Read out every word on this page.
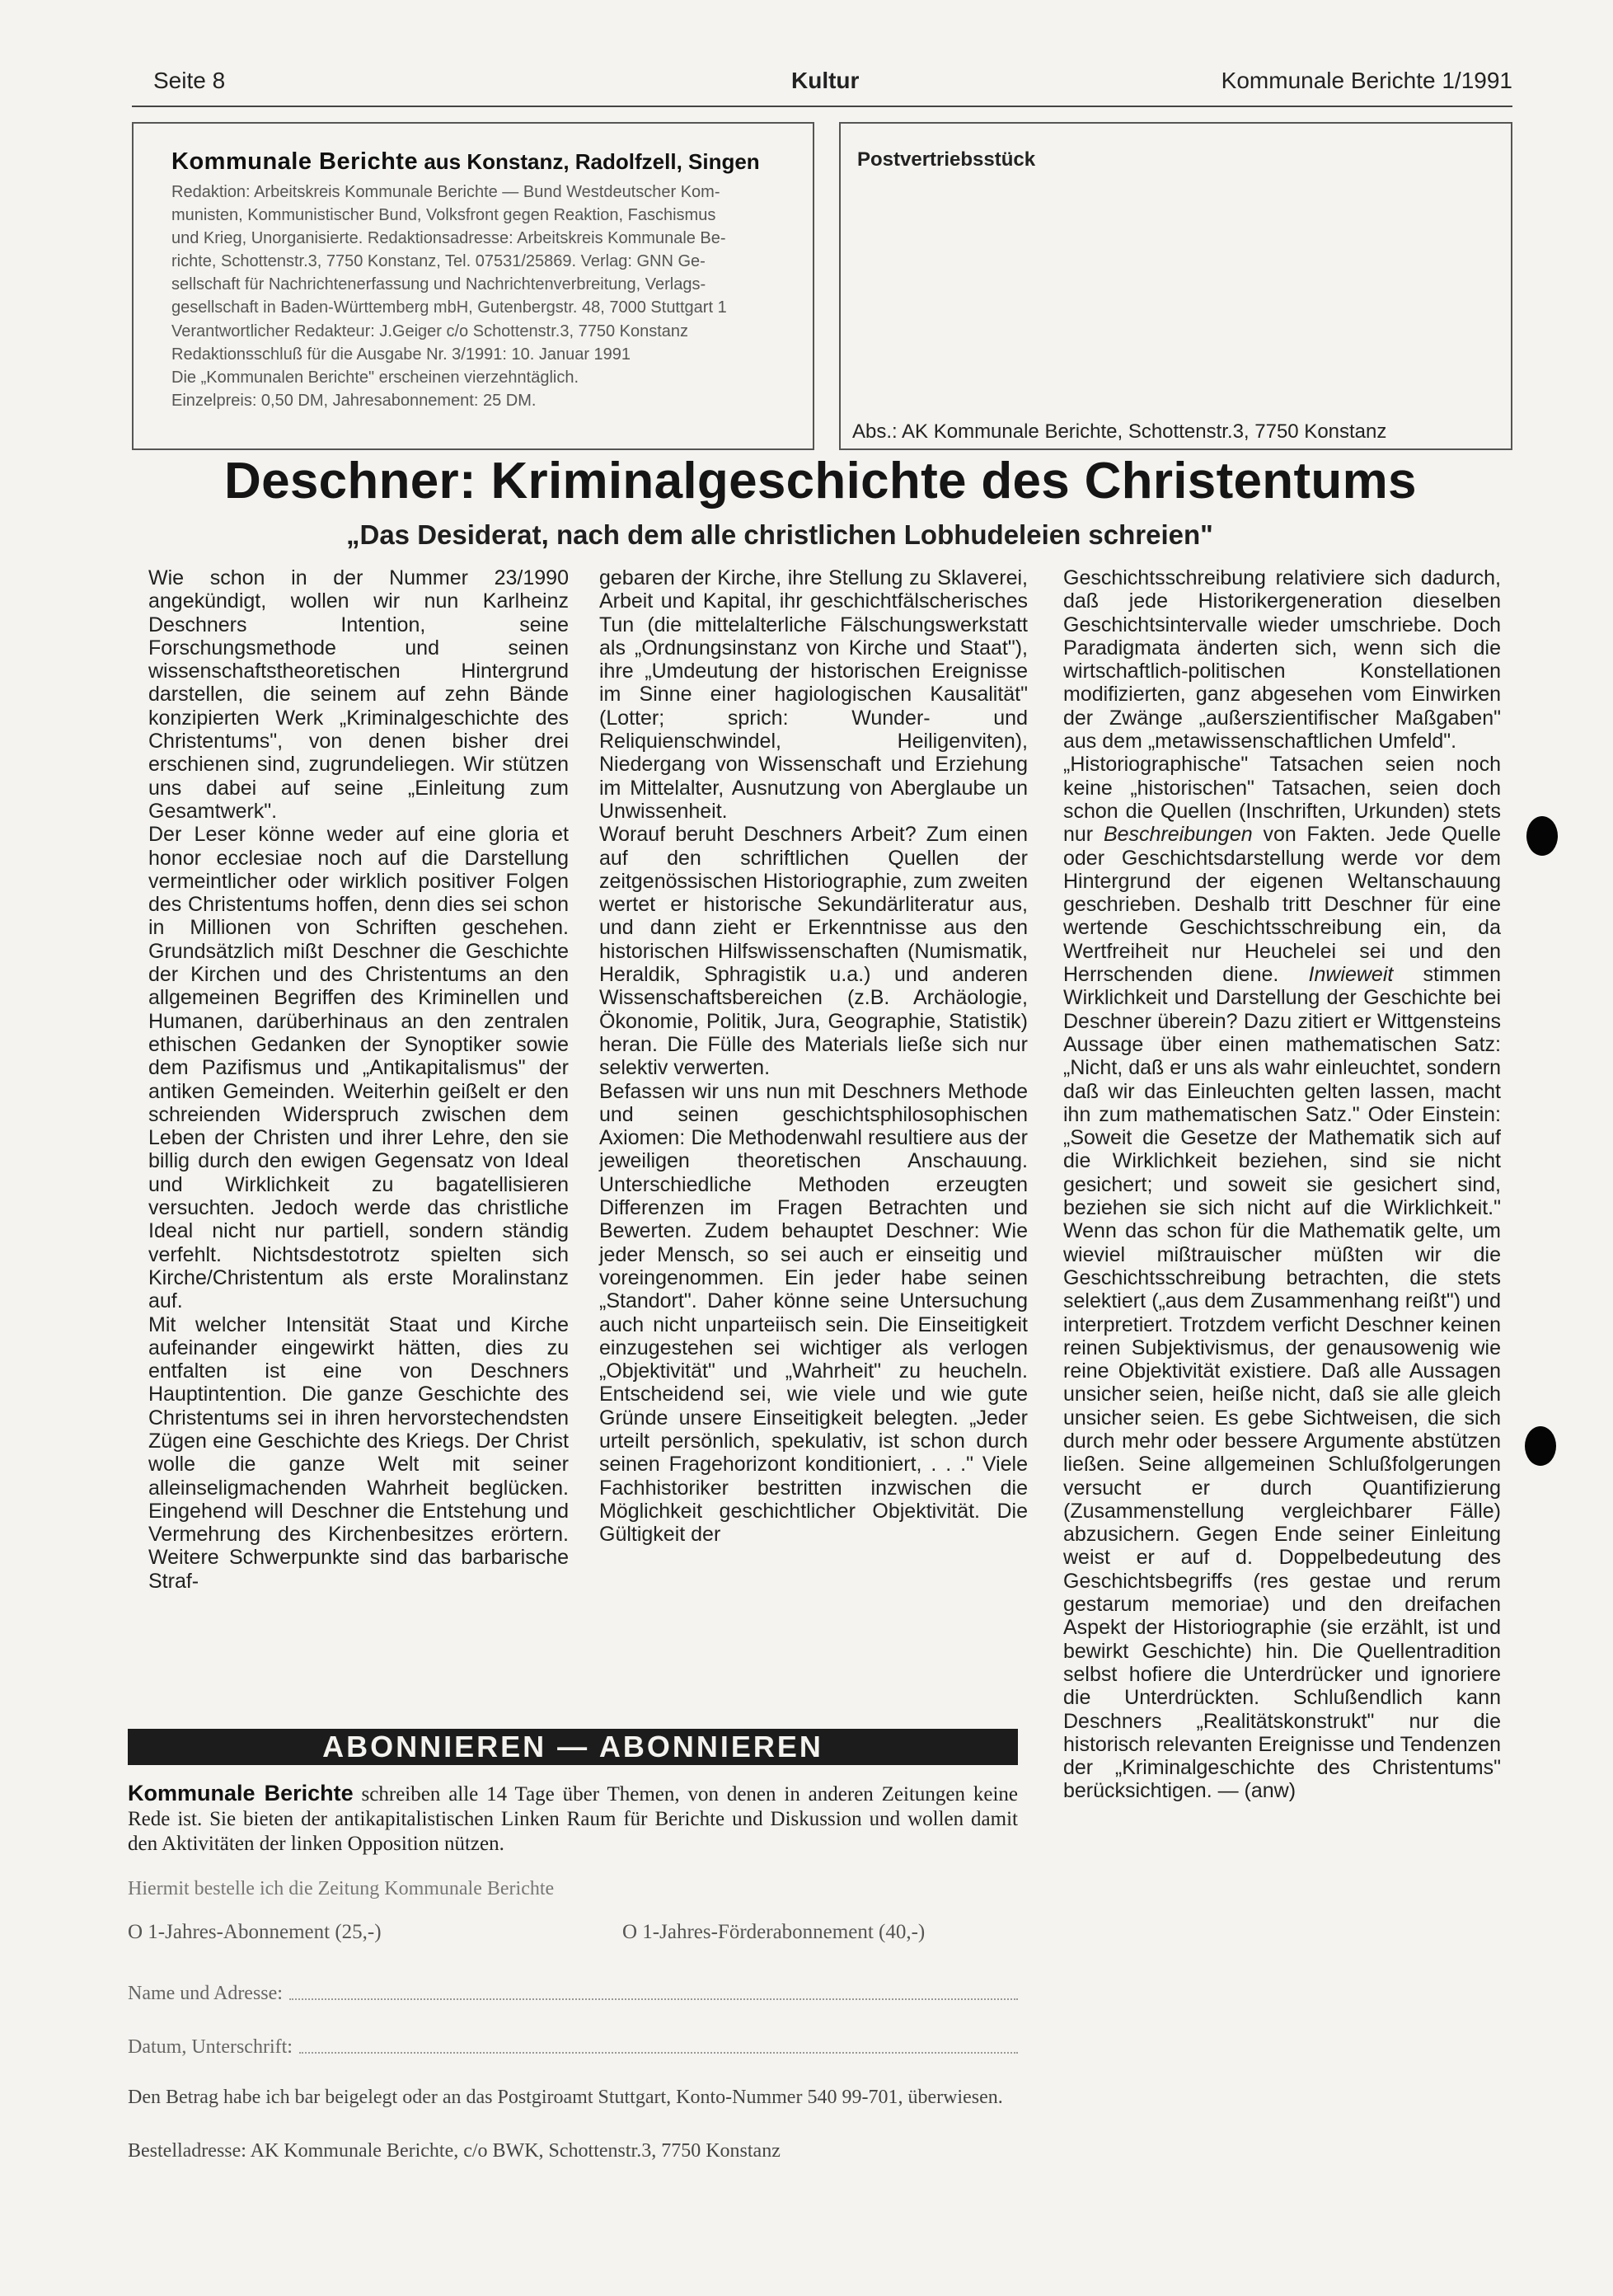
Seite 8	Kultur	Kommunale Berichte 1/1991
Kommunale Berichte aus Konstanz, Radolfzell, Singen

Redaktion: Arbeitskreis Kommunale Berichte — Bund Westdeutscher Kom-

munisten, Kommunistischer Bund, Volksfront gegen Reaktion, Faschismus

und Krieg, Unorganisierte. Redaktionsadresse: Arbeitskreis Kommunale Be-

richte, Schottenstr.3, 7750 Konstanz, Tel. 07531/25869. Verlag: GNN Ge-

sellschaft für Nachrichtenerfassung und Nachrichtenverbreitung, Verlags-

gesellschaft in Baden-Württemberg mbH, Gutenbergstr. 48, 7000 Stuttgart 1

Verantwortlicher Redakteur: J.Geiger c/o Schottenstr.3, 7750 Konstanz

Redaktionsschluß für die Ausgabe Nr. 3/1991: 10. Januar 1991

Die „Kommunalen Berichte" erscheinen vierzehntäglich.

Einzelpreis: 0,50 DM, Jahresabonnement: 25 DM.

Postvertriebsstück
Abs.: AK Kommunale Berichte, Schottenstr.3, 7750 Konstanz
Deschner: Kriminalgeschichte des Christentums
„Das Desiderat, nach dem alle christlichen Lobhudeleien schreien"

Wie schon in der Nummer 23/1990 angekündigt, wollen wir nun Karlheinz Deschners Intention, seine Forschungsmethode und seinen wissenschaftstheoretischen Hintergrund darstellen, die seinem auf zehn Bände konzipierten Werk „Kriminalgeschichte des Christentums", von denen bisher drei erschienen sind, zugrundeliegen. Wir stützen uns dabei auf seine „Einleitung zum Gesamtwerk".

Der Leser könne weder auf eine gloria et honor ecclesiae noch auf die Darstellung vermeintlicher oder wirklich positiver Folgen des Christentums hoffen, denn dies sei schon in Millionen von Schriften geschehen. Grundsätzlich mißt Deschner die Geschichte der Kirchen und des Christentums an den allgemeinen Begriffen des Kriminellen und Humanen, darüberhinaus an den zentralen ethischen Gedanken der Synoptiker sowie dem Pazifismus und „Antikapitalismus" der antiken Gemeinden. Weiterhin geißelt er den schreienden Widerspruch zwischen dem Leben der Christen und ihrer Lehre, den sie billig durch den ewigen Gegensatz von Ideal und Wirklichkeit zu bagatellisieren versuchten. Jedoch werde das christliche Ideal nicht nur partiell, sondern ständig verfehlt. Nichtsdestotrotz spielten sich Kirche/Christentum als erste Moralinstanz auf.

Mit welcher Intensität Staat und Kirche aufeinander eingewirkt hätten, dies zu entfalten ist eine von Deschners Hauptintention. Die ganze Geschichte des Christentums sei in ihren hervorstechendsten Zügen eine Geschichte des Kriegs. Der Christ wolle die ganze Welt mit seiner alleinseligmachenden Wahrheit beglücken. Eingehend will Deschner die Entstehung und Vermehrung des Kirchenbesitzes erörtern. Weitere Schwerpunkte sind das barbarische Straf-

gebaren der Kirche, ihre Stellung zu Sklaverei, Arbeit und Kapital, ihr geschichtfälscherisches Tun (die mittelalterliche Fälschungswerkstatt als „Ordnungsinstanz von Kirche und Staat"), ihre „Umdeutung der historischen Ereignisse im Sinne einer hagiologischen Kausalität" (Lotter; sprich: Wunder- und Reliquienschwindel, Heiligenviten), Niedergang von Wissenschaft und Erziehung im Mittelalter, Ausnutzung von Aberglaube un Unwissenheit.

Worauf beruht Deschners Arbeit? Zum einen auf den schriftlichen Quellen der zeitgenössischen Historiographie, zum zweiten wertet er historische Sekundärliteratur aus, und dann zieht er Erkenntnisse aus den historischen Hilfswissenschaften (Numismatik, Heraldik, Sphragistik u.a.) und anderen Wissenschaftsbereichen (z.B. Archäologie, Ökonomie, Politik, Jura, Geographie, Statistik) heran. Die Fülle des Materials ließe sich nur selektiv verwerten.

Befassen wir uns nun mit Deschners Methode und seinen geschichtsphilosophischen Axiomen: Die Methodenwahl resultiere aus der jeweiligen theoretischen Anschauung. Unterschiedliche Methoden erzeugten Differenzen im Fragen Betrachten und Bewerten. Zudem behauptet Deschner: Wie jeder Mensch, so sei auch er einseitig und voreingenommen. Ein jeder habe seinen „Standort". Daher könne seine Untersuchung auch nicht unparteiisch sein. Die Einseitigkeit einzugestehen sei wichtiger als verlogen „Objektivität" und „Wahrheit" zu heucheln. Entscheidend sei, wie viele und wie gute Gründe unsere Einseitigkeit belegten. „Jeder urteilt persönlich, spekulativ, ist schon durch seinen Fragehorizont konditioniert, . . ." Viele Fachhistoriker bestritten inzwischen die Möglichkeit geschichtlicher Objektivität. Die Gültigkeit der

Geschichtsschreibung relativiere sich dadurch, daß jede Historikergeneration dieselben Geschichtsintervalle wieder umschriebe. Doch Paradigmata änderten sich, wenn sich die wirtschaftlich-politischen Konstellationen modifizierten, ganz abgesehen vom Einwirken der Zwänge „außerszientifischer Maßgaben" aus dem „metawissenschaftlichen Umfeld".

„Historiographische" Tatsachen seien noch keine „historischen" Tatsachen, seien doch schon die Quellen (Inschriften, Urkunden) stets nur Beschreibungen von Fakten. Jede Quelle oder Geschichtsdarstellung werde vor dem Hintergrund der eigenen Weltanschauung geschrieben. Deshalb tritt Deschner für eine wertende Geschichtsschreibung ein, da Wertfreiheit nur Heuchelei sei und den Herrschenden diene. Inwieweit stimmen Wirklichkeit und Darstellung der Geschichte bei Deschner überein? Dazu zitiert er Wittgensteins Aussage über einen mathematischen Satz: „Nicht, daß er uns als wahr einleuchtet, sondern daß wir das Einleuchten gelten lassen, macht ihn zum mathematischen Satz." Oder Einstein: „Soweit die Gesetze der Mathematik sich auf die Wirklichkeit beziehen, sind sie nicht gesichert; und soweit sie gesichert sind, beziehen sie sich nicht auf die Wirklichkeit." Wenn das schon für die Mathematik gelte, um wieviel mißtrauischer müßten wir die Geschichtsschreibung betrachten, die stets selektiert („aus dem Zusammenhang reißt") und interpretiert. Trotzdem verficht Deschner keinen reinen Subjektivismus, der genausowenig wie reine Objektivität existiere. Daß alle Aussagen unsicher seien, heiße nicht, daß sie alle gleich unsicher seien. Es gebe Sichtweisen, die sich durch mehr oder bessere Argumente abstützen ließen. Seine allgemeinen Schlußfolgerungen versucht er durch Quantifizierung (Zusammenstellung vergleichbarer Fälle) abzusichern. Gegen Ende seiner Einleitung weist er auf d. Doppelbedeutung des Geschichtsbegriffs (res gestae und rerum gestarum memoriae) und den dreifachen Aspekt der Historiographie (sie erzählt, ist und bewirkt Geschichte) hin. Die Quellentradition selbst hofiere die Unterdrücker und ignoriere die Unterdrückten. Schlußendlich kann Deschners „Realitätskonstrukt" nur die historisch relevanten Ereignisse und Tendenzen der „Kriminalgeschichte des Christentums" berücksichtigen. — (anw)

ABONNIEREN — ABONNIEREN
Kommunale Berichte schreiben alle 14 Tage über Themen, von denen in anderen Zeitungen keine Rede ist. Sie bieten der antikapitalistischen Linken Raum für Berichte und Diskussion und wollen damit den Aktivitäten der linken Opposition nützen.
Hiermit bestelle ich die Zeitung Kommunale Berichte
O 1-Jahres-Abonnement (25,-)	O 1-Jahres-Förderabonnement (40,-)
Name und Adresse:
Datum, Unterschrift:
Den Betrag habe ich bar beigelegt oder an das Postgiroamt Stuttgart, Konto-Nummer 540 99-701, überwiesen.
Bestelladresse: AK Kommunale Berichte, c/o BWK, Schottenstr.3, 7750 Konstanz
